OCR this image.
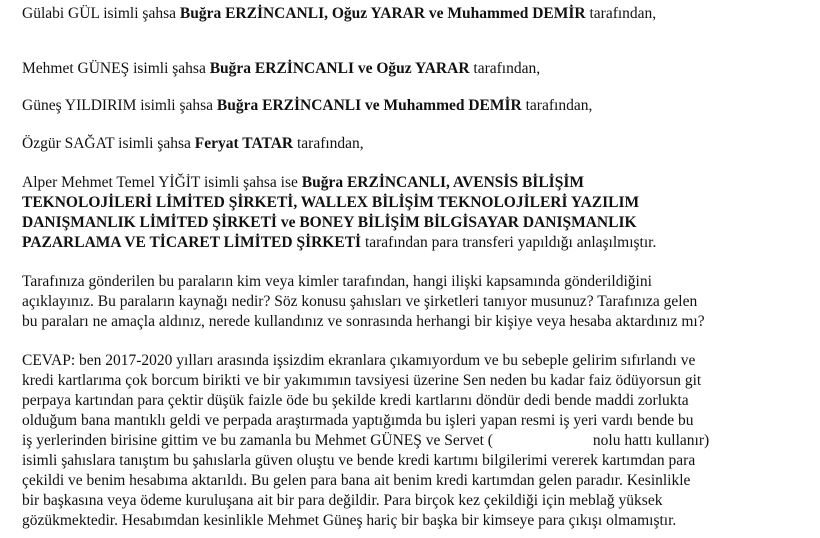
Gülabi GÜL isimli şahsa Buğra ERZİNCANLI, Oğuz YARAR ve Muhammed DEMİR tarafından,
Mehmet GÜNEŞ isimli şahsa Buğra ERZİNCANLI ve Oğuz YARAR tarafından,
Güneş YILDIRIM isimli şahsa Buğra ERZİNCANLI ve Muhammed DEMİR tarafından,
Özgür SAĞAT isimli şahsa Feryat TATAR tarafından,
Alper Mehmet Temel YİĞİT isimli şahsa ise Buğra ERZİNCANLI, AVENSİS BİLİŞİM
TEKNOLOJİLERİ LİMİTED ŞİRKETİ, WALLEX BİLİŞİM TEKNOLOJİLERİ YAZILIM
DANIŞMANLIK LİMİTED ŞİRKETİ ve BONEY BİLİŞİM BİLGİSAYAR DANIŞMANLIK
PAZARLAMA VE TİCARET LİMİTED ŞİRKETİ tarafından para transferi yapıldığı anlaşılmıştır.
Tarafınıza gönderilen bu paraların kim veya kimler tarafından, hangi ilişki kapsamında gönderildiğini
açıklayınız. Bu paraların kaynağı nedir? Söz konusu şahısları ve şirketleri tanıyor musunuz? Tarafınıza gelen
bu paraları ne amaçla aldınız, nerede kullandınız ve sonrasında herhangi bir kişiye veya hesaba aktardınız mı?
CEVAP: ben 2017-2020 yılları arasında işsizdim ekranlara çıkamıyordum ve bu sebeple gelirim sıfırlandı ve
kredi kartlarıma çok borcum birikti ve bir yakımımın tavsiyesi üzerine Sen neden bu kadar faiz ödüyorsun git
perpaya kartından para çektir düşük faizle öde bu şekilde kredi kartlarını döndür dedi bende maddi zorlukta
olduğum bana mantıklı geldi ve perpada araştırmada yaptığımda bu işleri yapan resmi iş yeri vardı bende bu
iş yerlerinden birisine gittim ve bu zamanla bu Mehmet GÜNEŞ ve Servet (	nolu hattı kullanır)
isimli şahıslara tanıştım bu şahıslarla güven oluştu ve bende kredi kartımı bilgilerimi vererek kartımdan para
çekildi ve benim hesabıma aktarıldı. Bu gelen para bana ait benim kredi kartımdan gelen paradır. Kesinlikle
bir başkasına veya ödeme kuruluşana ait bir para değildir. Para birçok kez çekildiği için meblağ yüksek
gözükmektedir. Hesabımdan kesinlikle Mehmet Güneş hariç bir başka bir kimseye para çıkışı olmamıştır.
